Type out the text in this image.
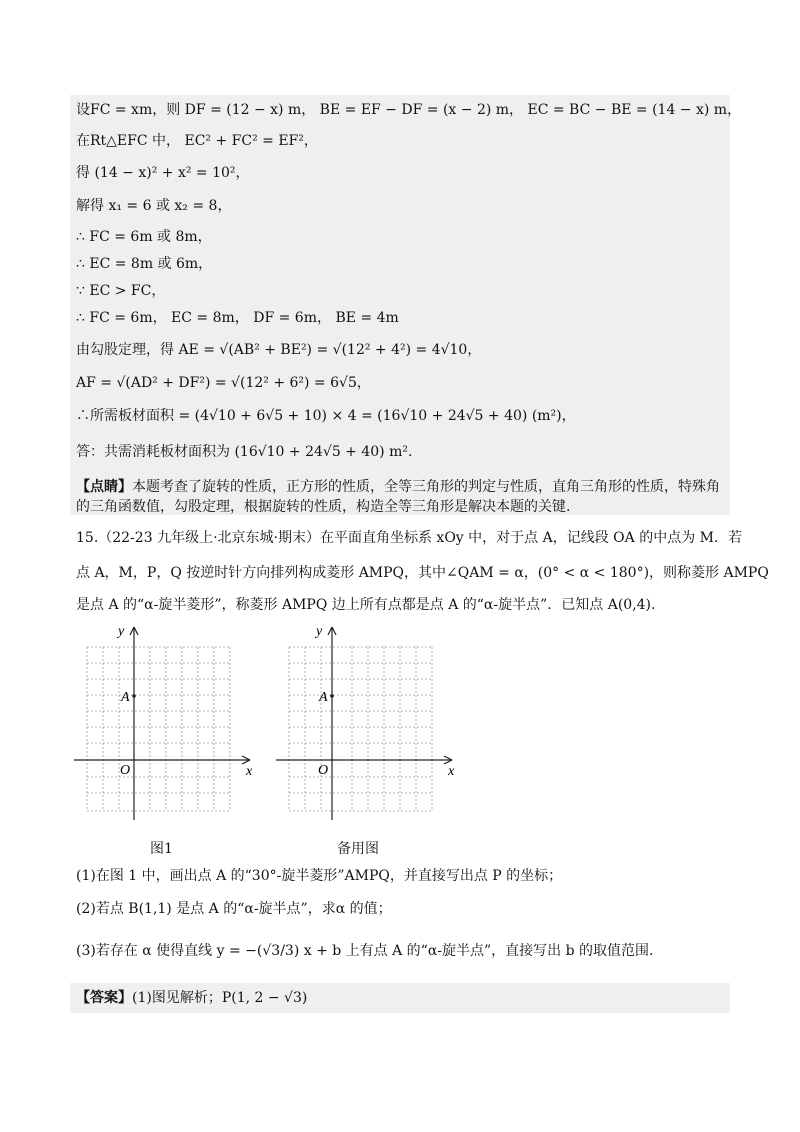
设FC = xm，则 DF = (12 − x) m， BE = EF − DF = (x − 2) m， EC = BC − BE = (14 − x) m，
在Rt△EFC 中， EC² + FC² = EF²，
得 (14 − x)² + x² = 10²，
解得 x₁ = 6 或 x₂ = 8，
∴ FC = 6m 或 8m，
∴ EC = 8m 或 6m，
∵ EC > FC，
∴ FC = 6m， EC = 8m， DF = 6m， BE = 4m
由勾股定理，得 AE = √(AB² + BE²) = √(12² + 4²) = 4√10，
AF = √(AD² + DF²) = √(12² + 6²) = 6√5，
∴所需板材面积 = (4√10 + 6√5 + 10) × 4 = (16√10 + 24√5 + 40) (m²)，
答：共需消耗板材面积为 (16√10 + 24√5 + 40) m².
【点睛】本题考查了旋转的性质，正方形的性质，全等三角形的判定与性质，直角三角形的性质，特殊角
的三角函数值，勾股定理，根据旋转的性质，构造全等三角形是解决本题的关键.
15.（22-23 九年级上·北京东城·期末）在平面直角坐标系 xOy 中，对于点 A，记线段 OA 的中点为 M．若
点 A，M，P，Q 按逆时针方向排列构成菱形 AMPQ，其中∠QAM = α，(0° < α < 180°)，则称菱形 AMPQ
是点 A 的“α-旋半菱形”，称菱形 AMPQ 边上所有点都是点 A 的“α-旋半点”．已知点 A(0,4).
y
x
O
A
图1
y
x
O
A
备用图
(1)在图 1 中，画出点 A 的“30°-旋半菱形”AMPQ，并直接写出点 P 的坐标；
(2)若点 B(1,1) 是点 A 的“α-旋半点”，求α 的值；
(3)若存在 α 使得直线 y = −(√3/3) x + b 上有点 A 的“α-旋半点”，直接写出 b 的取值范围.
【答案】(1)图见解析；P(1, 2 − √3)
